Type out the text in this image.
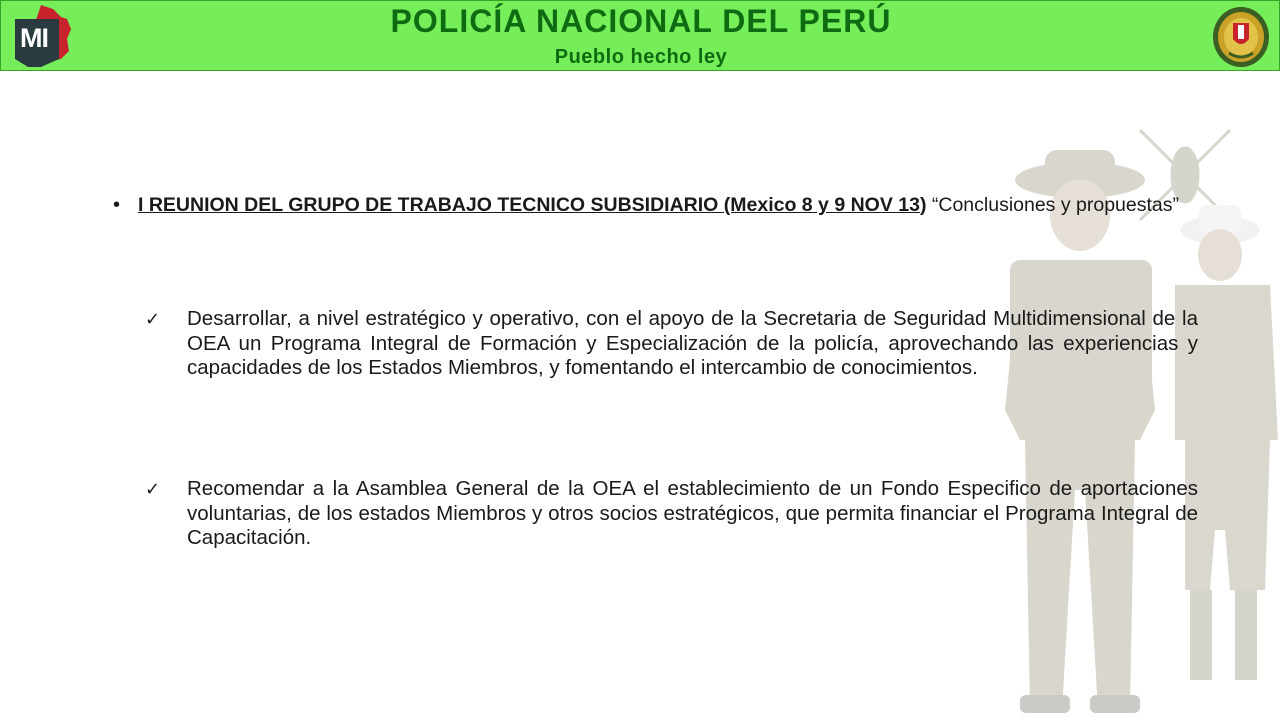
POLICÍA NACIONAL DEL PERÚ
Pueblo hecho ley
MI
• I REUNION DEL GRUPO DE TRABAJO TECNICO SUBSIDIARIO (Mexico 8 y 9 NOV 13) “Conclusiones y propuestas”
✓ Desarrollar, a nivel estratégico y operativo, con el apoyo de la Secretaria de Seguridad Multidimensional de la OEA un Programa Integral de Formación y Especialización de la policía, aprovechando las experiencias y capacidades de los Estados Miembros, y fomentando el intercambio de conocimientos.
✓ Recomendar a la Asamblea General de la OEA el establecimiento de un Fondo Especifico de aportaciones voluntarias, de los estados Miembros y otros socios estratégicos, que permita financiar el Programa Integral de Capacitación.
